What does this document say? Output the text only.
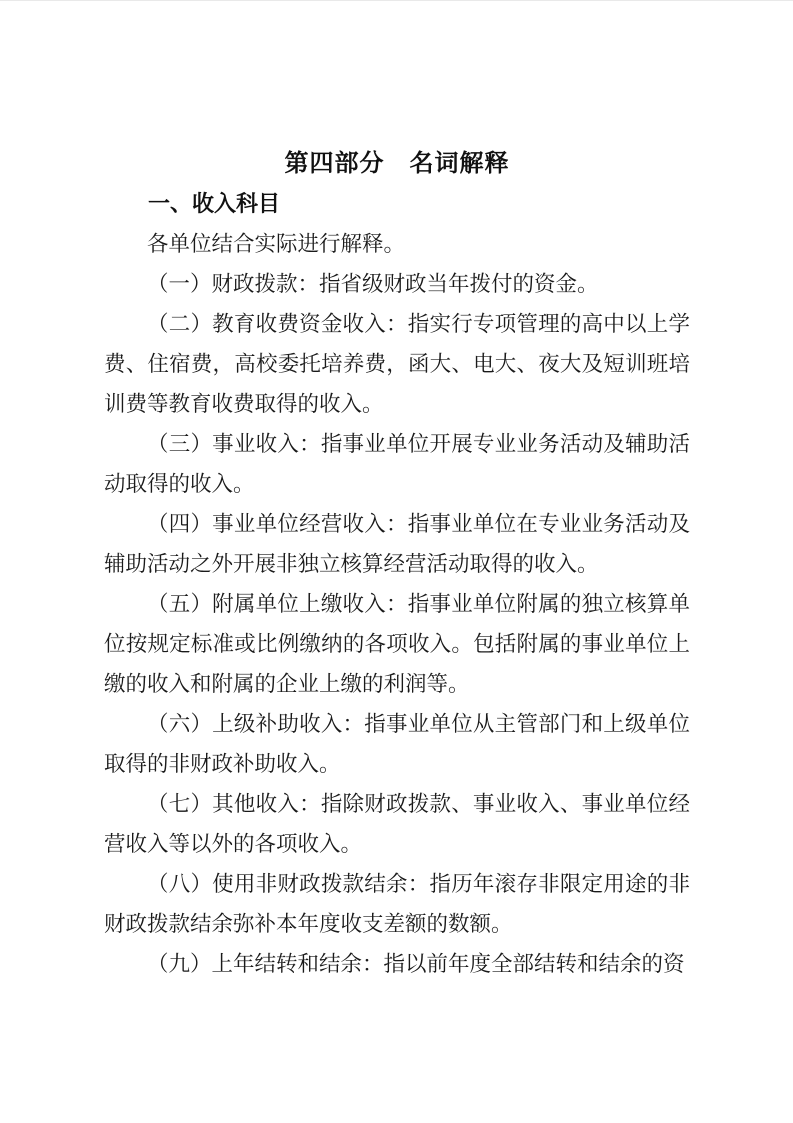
第四部分　名词解释
一、收入科目

各单位结合实际进行解释。

（一）财政拨款：指省级财政当年拨付的资金。

（二）教育收费资金收入：指实行专项管理的高中以上学费、住宿费，高校委托培养费，函大、电大、夜大及短训班培训费等教育收费取得的收入。

（三）事业收入：指事业单位开展专业业务活动及辅助活动取得的收入。

（四）事业单位经营收入：指事业单位在专业业务活动及辅助活动之外开展非独立核算经营活动取得的收入。

（五）附属单位上缴收入：指事业单位附属的独立核算单位按规定标准或比例缴纳的各项收入。包括附属的事业单位上缴的收入和附属的企业上缴的利润等。

（六）上级补助收入：指事业单位从主管部门和上级单位取得的非财政补助收入。

（七）其他收入：指除财政拨款、事业收入、事业单位经营收入等以外的各项收入。

（八）使用非财政拨款结余：指历年滚存非限定用途的非财政拨款结余弥补本年度收支差额的数额。

（九）上年结转和结余：指以前年度全部结转和结余的资
